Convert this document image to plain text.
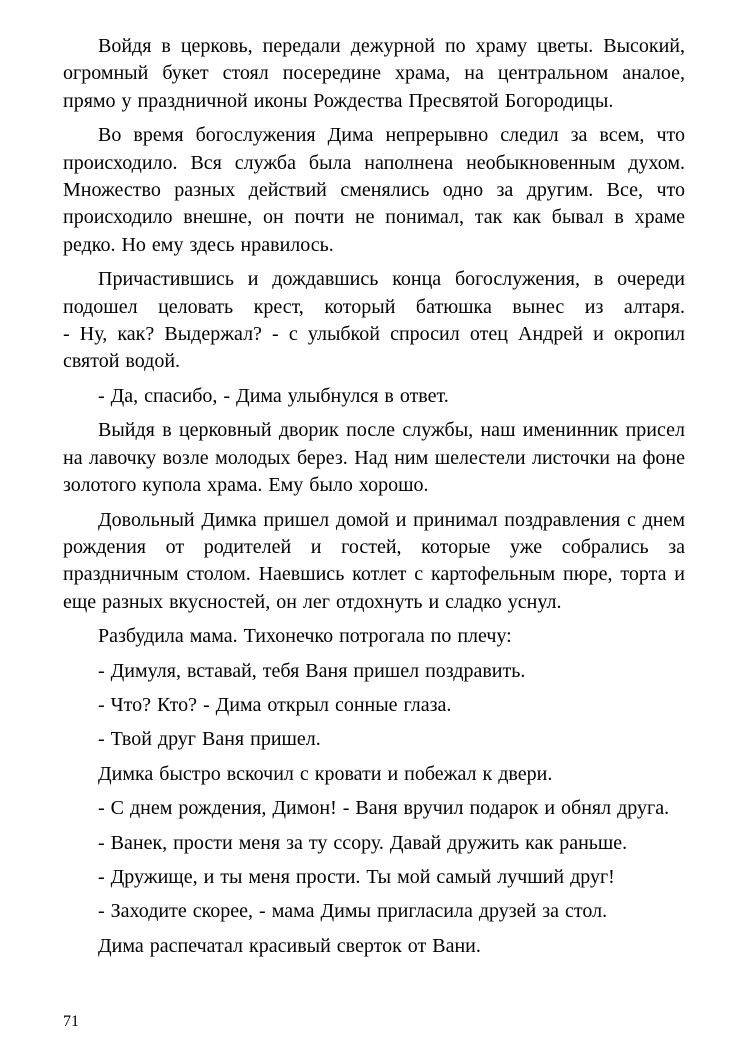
Войдя в церковь, передали дежурной по храму цветы. Высокий, огромный букет стоял посередине храма, на центральном аналое, прямо у праздничной иконы Рождества Пресвятой Богородицы.

Во время богослужения Дима непрерывно следил за всем, что происходило. Вся служба была наполнена необыкновенным духом. Множество разных действий сменялись одно за другим. Все, что происходило внешне, он почти не понимал, так как бывал в храме редко. Но ему здесь нравилось.

Причастившись и дождавшись конца богослужения, в очереди подошел целовать крест, который батюшка вынес из алтаря.

- Ну, как? Выдержал? - с улыбкой спросил отец Андрей и окропил святой водой.

- Да, спасибо, - Дима улыбнулся в ответ.

Выйдя в церковный дворик после службы, наш именинник присел на лавочку возле молодых берез. Над ним шелестели листочки на фоне золотого купола храма. Ему было хорошо.

Довольный Димка пришел домой и принимал поздравления с днем рождения от родителей и гостей, которые уже собрались за праздничным столом. Наевшись котлет с картофельным пюре, торта и еще разных вкусностей, он лег отдохнуть и сладко уснул.

Разбудила мама. Тихонечко потрогала по плечу:

- Димуля, вставай, тебя Ваня пришел поздравить.

- Что? Кто? - Дима открыл сонные глаза.

- Твой друг Ваня пришел.

Димка быстро вскочил с кровати и побежал к двери.

- С днем рождения, Димон! - Ваня вручил подарок и обнял друга.

- Ванек, прости меня за ту ссору. Давай дружить как раньше.

- Дружище, и ты меня прости. Ты мой самый лучший друг!

- Заходите скорее, - мама Димы пригласила друзей за стол.

Дима распечатал красивый сверток от Вани.

71
